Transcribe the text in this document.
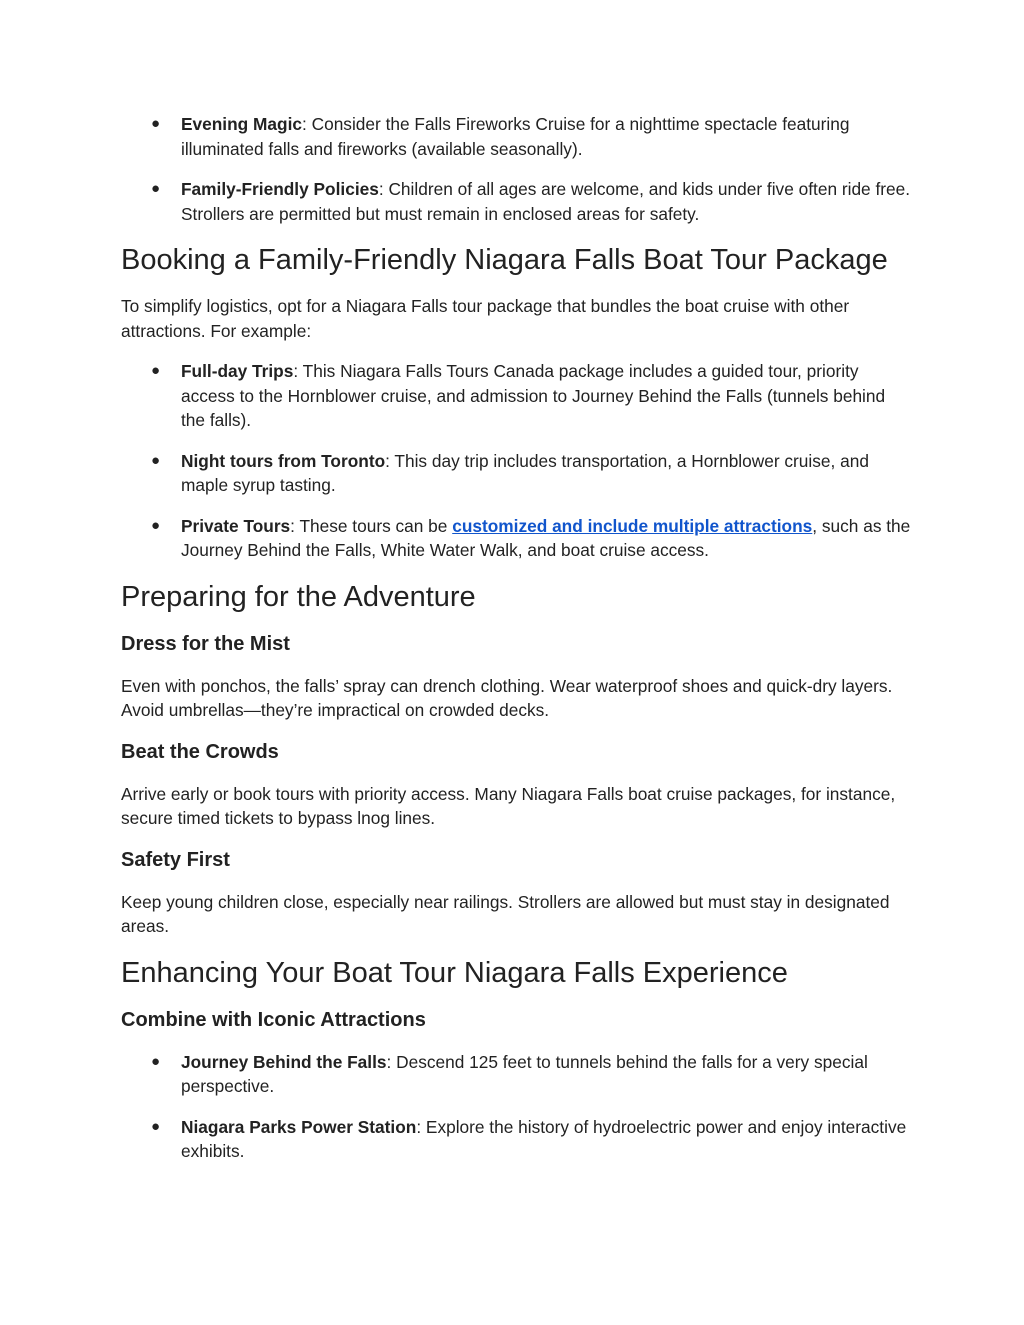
● Evening Magic: Consider the Falls Fireworks Cruise for a nighttime spectacle featuring illuminated falls and fireworks (available seasonally).
● Family-Friendly Policies: Children of all ages are welcome, and kids under five often ride free. Strollers are permitted but must remain in enclosed areas for safety.
Booking a Family-Friendly Niagara Falls Boat Tour Package

To simplify logistics, opt for a Niagara Falls tour package that bundles the boat cruise with other attractions. For example:

● Full-day Trips: This Niagara Falls Tours Canada package includes a guided tour, priority access to the Hornblower cruise, and admission to Journey Behind the Falls (tunnels behind the falls).
● Night tours from Toronto: This day trip includes transportation, a Hornblower cruise, and maple syrup tasting.
● Private Tours: These tours can be customized and include multiple attractions, such as the Journey Behind the Falls, White Water Walk, and boat cruise access.
Preparing for the Adventure
Dress for the Mist

Even with ponchos, the falls’ spray can drench clothing. Wear waterproof shoes and quick-dry layers. Avoid umbrellas—they’re impractical on crowded decks.

Beat the Crowds

Arrive early or book tours with priority access. Many Niagara Falls boat cruise packages, for instance, secure timed tickets to bypass lnog lines.

Safety First

Keep young children close, especially near railings. Strollers are allowed but must stay in designated areas.

Enhancing Your Boat Tour Niagara Falls Experience
Combine with Iconic Attractions
● Journey Behind the Falls: Descend 125 feet to tunnels behind the falls for a very special perspective.
● Niagara Parks Power Station: Explore the history of hydroelectric power and enjoy interactive exhibits.
